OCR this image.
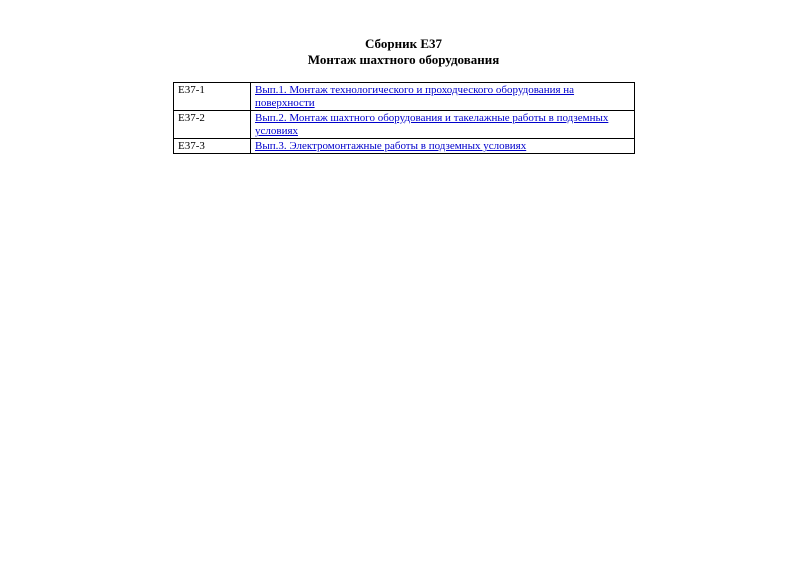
Сборник Е37
Монтаж шахтного оборудования
Е37-1	Вып.1. Монтаж технологического и проходческого оборудования на поверхности
Е37-2	Вып.2. Монтаж шахтного оборудования и такелажные работы в подземных условиях
Е37-3	Вып.3. Электромонтажные работы в подземных условиях
